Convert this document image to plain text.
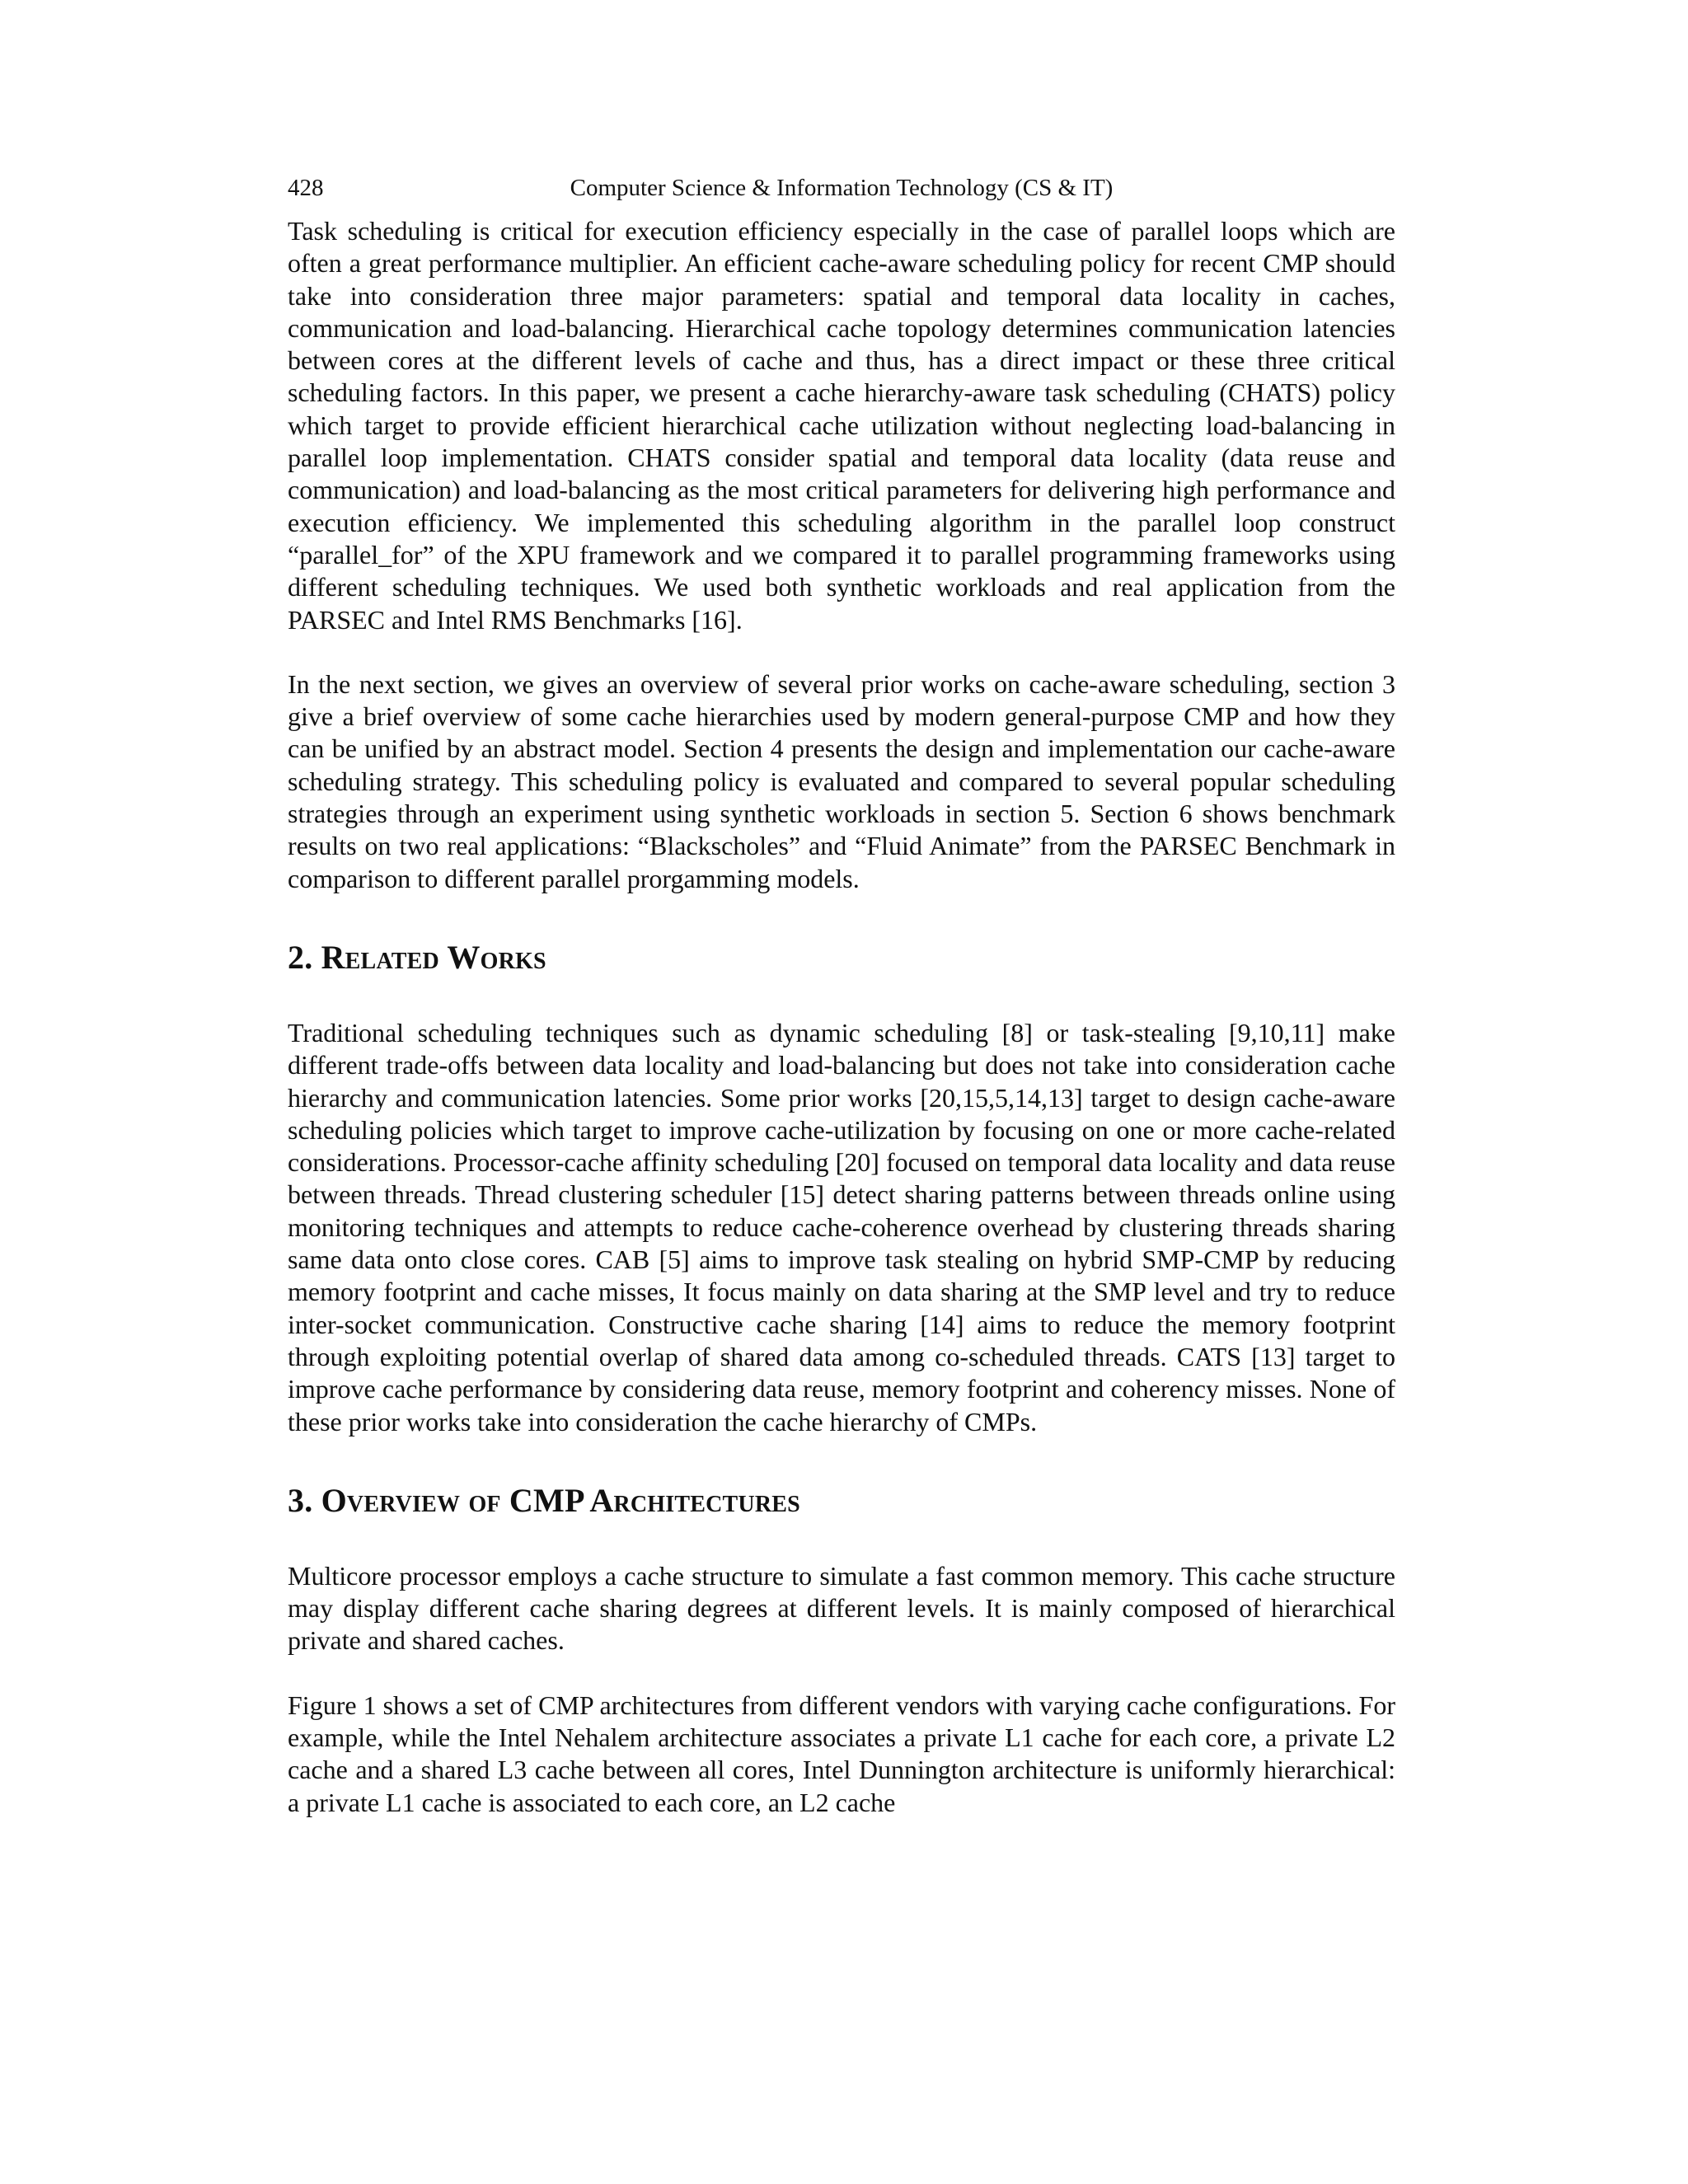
428	Computer Science & Information Technology (CS & IT)

Task scheduling is critical for execution efficiency especially in the case of parallel loops which are often a great performance multiplier. An efficient cache-aware scheduling policy for recent CMP should take into consideration three major parameters: spatial and temporal data locality in caches, communication and load-balancing. Hierarchical cache topology determines communication latencies between cores at the different levels of cache and thus, has a direct impact or these three critical scheduling factors. In this paper, we present a cache hierarchy-aware task scheduling (CHATS) policy which target to provide efficient hierarchical cache utilization without neglecting load-balancing in parallel loop implementation. CHATS consider spatial and temporal data locality (data reuse and communication) and load-balancing as the most critical parameters for delivering high performance and execution efficiency. We implemented this scheduling algorithm in the parallel loop construct “parallel_for” of the XPU framework and we compared it to parallel programming frameworks using different scheduling techniques. We used both synthetic workloads and real application from the PARSEC and Intel RMS Benchmarks [16].

In the next section, we gives an overview of several prior works on cache-aware scheduling, section 3 give a brief overview of some cache hierarchies used by modern general-purpose CMP and how they can be unified by an abstract model. Section 4 presents the design and implementation our cache-aware scheduling strategy. This scheduling policy is evaluated and compared to several popular scheduling strategies through an experiment using synthetic workloads in section 5. Section 6 shows benchmark results on two real applications: “Blackscholes” and “Fluid Animate” from the PARSEC Benchmark in comparison to different parallel prorgamming models.

2. Related Works

Traditional scheduling techniques such as dynamic scheduling [8] or task-stealing [9,10,11] make different trade-offs between data locality and load-balancing but does not take into consideration cache hierarchy and communication latencies. Some prior works [20,15,5,14,13] target to design cache-aware scheduling policies which target to improve cache-utilization by focusing on one or more cache-related considerations. Processor-cache affinity scheduling [20] focused on temporal data locality and data reuse between threads. Thread clustering scheduler [15] detect sharing patterns between threads online using monitoring techniques and attempts to reduce cache-coherence overhead by clustering threads sharing same data onto close cores. CAB [5] aims to improve task stealing on hybrid SMP-CMP by reducing memory footprint and cache misses, It focus mainly on data sharing at the SMP level and try to reduce inter-socket communication. Constructive cache sharing [14] aims to reduce the memory footprint through exploiting potential overlap of shared data among co-scheduled threads. CATS [13] target to improve cache performance by considering data reuse, memory footprint and coherency misses. None of these prior works take into consideration the cache hierarchy of CMPs.

3. Overview of CMP Architectures

Multicore processor employs a cache structure to simulate a fast common memory. This cache structure may display different cache sharing degrees at different levels. It is mainly composed of hierarchical private and shared caches.

Figure 1 shows a set of CMP architectures from different vendors with varying cache configurations. For example, while the Intel Nehalem architecture associates a private L1 cache for each core, a private L2 cache and a shared L3 cache between all cores, Intel Dunnington architecture is uniformly hierarchical: a private L1 cache is associated to each core, an L2 cache
